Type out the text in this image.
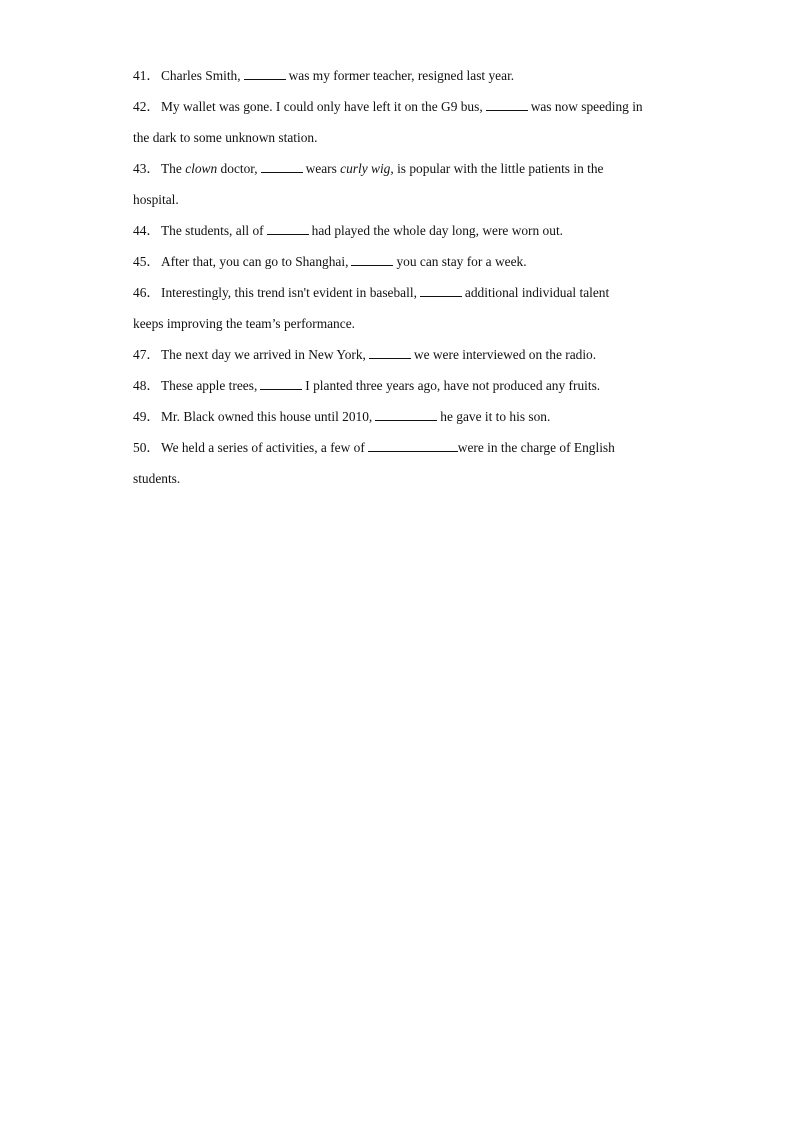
41．Charles Smith,	was my former teacher, resigned last year.
42．My wallet was gone. I could only have left it on the G9 bus,	was now speeding in
the dark to some unknown station.
43．The clown doctor,	wears curly wig, is popular with the little patients in the
hospital.
44．The students, all of	had played the whole day long, were worn out.
45．After that, you can go to Shanghai,	you can stay for a week.
46．Interestingly, this trend isn't evident in baseball,	additional individual talent
keeps improving the team’s performance.
47．The next day we arrived in New York,	we were interviewed on the radio.
48．These apple trees,	I planted three years ago, have not produced any fruits.
49．Mr. Black owned this house until 2010,	he gave it to his son.
50．We held a series of activities, a few of	were in the charge of English
students.
